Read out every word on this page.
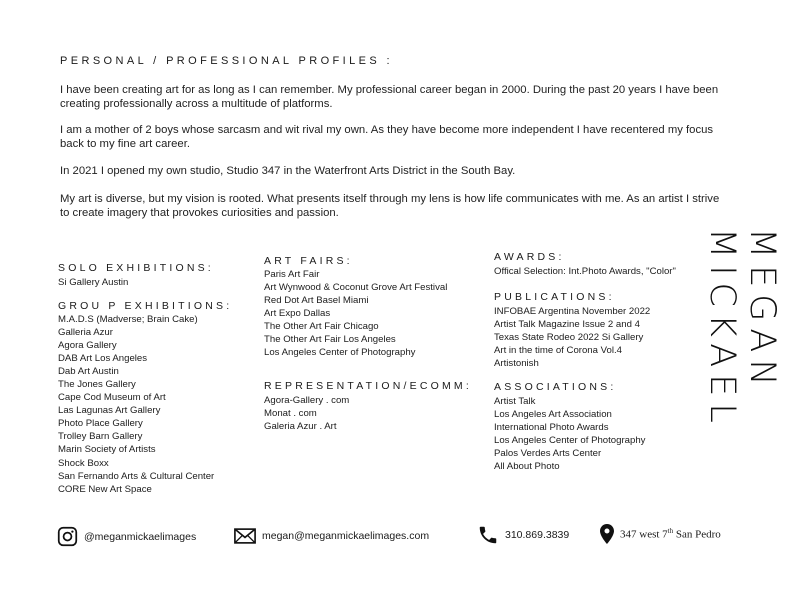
PERSONAL / PROFESSIONAL PROFILES :

I have been creating art for as long as I can remember. My professional career began in 2000. During the past 20 years I have been creating professionally across a multitude of platforms.

I am a mother of 2 boys whose sarcasm and wit rival my own. As they have become more independent I have recentered my focus back to my fine art career.

In 2021 I opened my own studio, Studio 347 in the Waterfront Arts District in the South Bay.

My art is diverse, but my vision is rooted. What presents itself through my lens is how life communicates with me. As an artist I strive to create imagery that provokes curiosities and passion.

SOLO EXHIBITIONS:
Si Gallery Austin
GROU P EXHIBITIONS:
M.A.D.S (Madverse; Brain Cake)
Galleria Azur
Agora Gallery
DAB Art Los Angeles
Dab Art Austin
The Jones Gallery
Cape Cod Museum of Art
Las Lagunas Art Gallery
Photo Place Gallery
Trolley Barn Gallery
Marin Society of Artists
Shock Boxx
San Fernando Arts & Cultural Center
CORE New Art Space
ART FAIRS:
Paris Art Fair
Art Wynwood & Coconut Grove Art Festival
Red Dot Art Basel Miami
Art Expo Dallas
The Other Art Fair Chicago
The Other Art Fair Los Angeles
Los Angeles Center of Photography
REPRESENTATION/ECOMM:
Agora-Gallery . com
Monat . com
Galeria Azur . Art
AWARDS:
Offical Selection: Int.Photo Awards, "Color"
PUBLICATIONS:
INFOBAE Argentina November 2022
Artist Talk Magazine Issue 2 and 4
Texas State Rodeo 2022 Si Gallery
Art in the time of Corona Vol.4
Artistonish
ASSOCIATIONS:
Artist Talk
Los Angeles Art Association
International Photo Awards
Los Angeles Center of Photography
Palos Verdes Arts Center
All About Photo
MEGAN MICKAEL
@meganmickaelimages	megan@meganmickaelimages.com	310.869.3839	347 west 7th San Pedro
